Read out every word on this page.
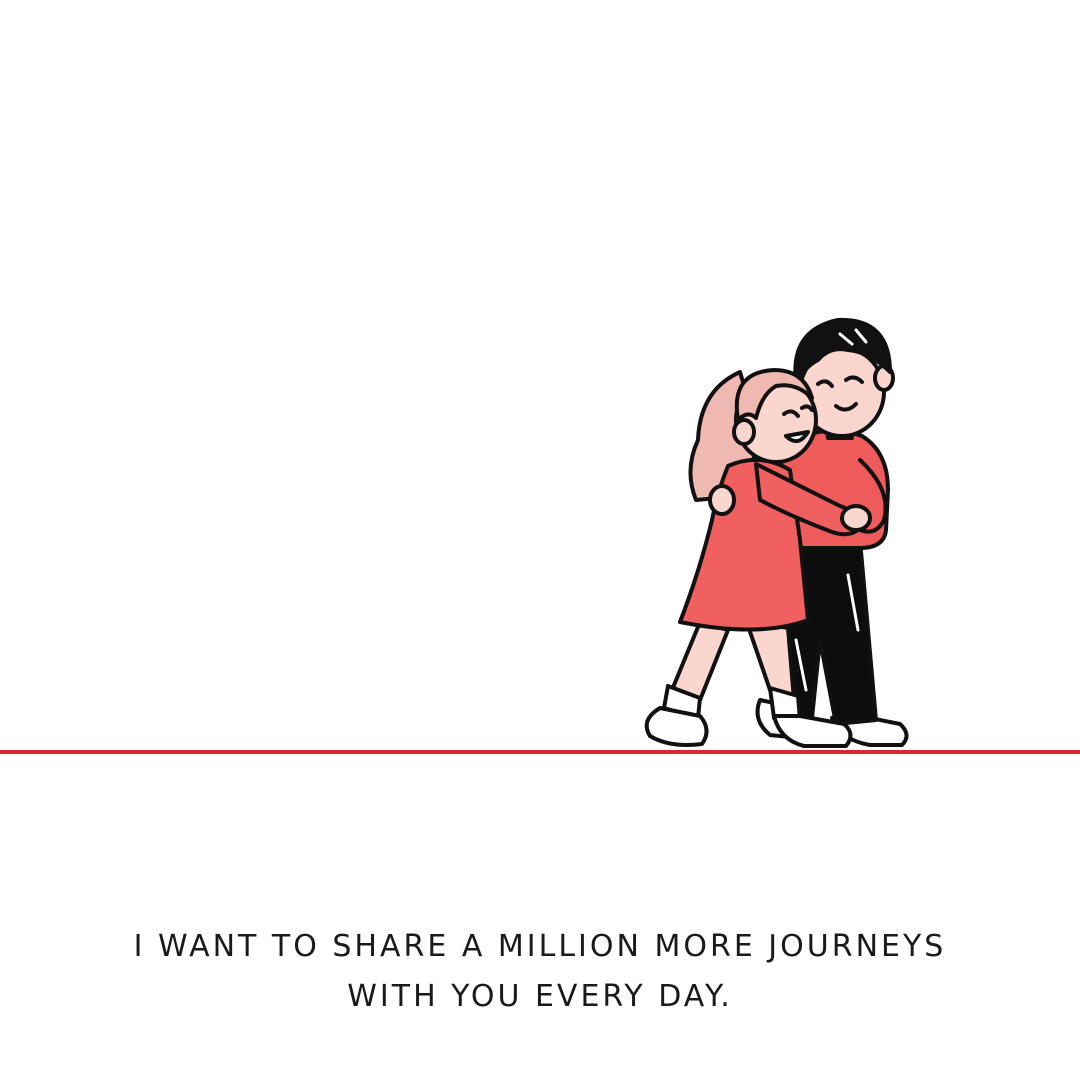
I WANT TO SHARE A MILLION MORE JOURNEYS
WITH YOU EVERY DAY.
